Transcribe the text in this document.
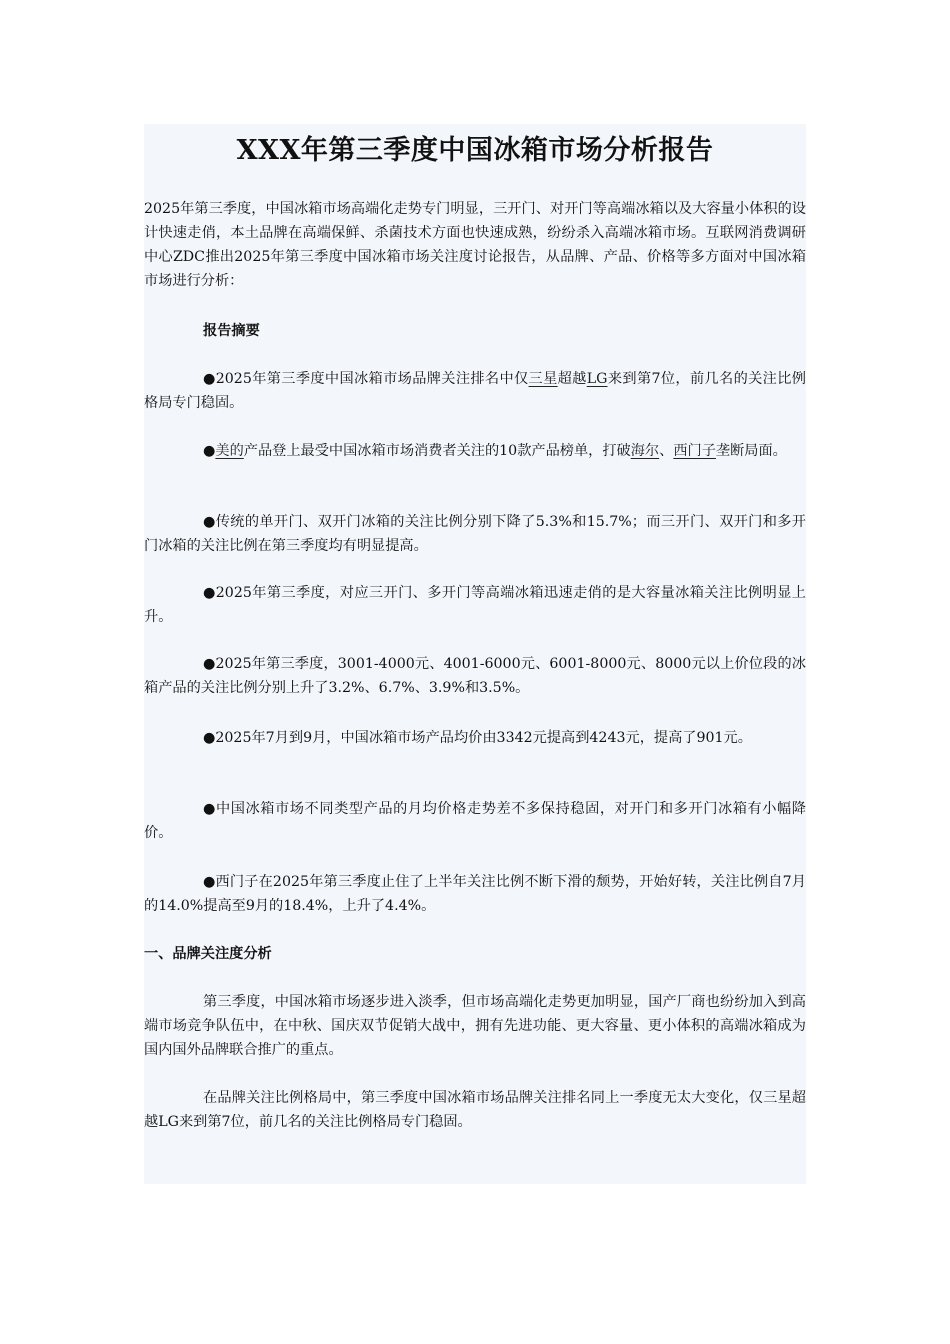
XXX年第三季度中国冰箱市场分析报告

2025年第三季度，中国冰箱市场高端化走势专门明显，三开门、对开门等高端冰箱以及大容量小体积的设计快速走俏，本土品牌在高端保鲜、杀菌技术方面也快速成熟，纷纷杀入高端冰箱市场。互联网消费调研中心ZDC推出2025年第三季度中国冰箱市场关注度讨论报告，从品牌、产品、价格等多方面对中国冰箱市场进行分析：

报告摘要

●2025年第三季度中国冰箱市场品牌关注排名中仅三星超越LG来到第7位，前几名的关注比例格局专门稳固。

●美的产品登上最受中国冰箱市场消费者关注的10款产品榜单，打破海尔、西门子垄断局面。

●传统的单开门、双开门冰箱的关注比例分别下降了5.3%和15.7%；而三开门、双开门和多开门冰箱的关注比例在第三季度均有明显提高。

●2025年第三季度，对应三开门、多开门等高端冰箱迅速走俏的是大容量冰箱关注比例明显上升。

●2025年第三季度，3001-4000元、4001-6000元、6001-8000元、8000元以上价位段的冰箱产品的关注比例分别上升了3.2%、6.7%、3.9%和3.5%。

●2025年7月到9月，中国冰箱市场产品均价由3342元提高到4243元，提高了901元。

●中国冰箱市场不同类型产品的月均价格走势差不多保持稳固，对开门和多开门冰箱有小幅降价。

●西门子在2025年第三季度止住了上半年关注比例不断下滑的颓势，开始好转，关注比例自7月的14.0%提高至9月的18.4%，上升了4.4%。

一、品牌关注度分析

第三季度，中国冰箱市场逐步进入淡季，但市场高端化走势更加明显，国产厂商也纷纷加入到高端市场竞争队伍中，在中秋、国庆双节促销大战中，拥有先进功能、更大容量、更小体积的高端冰箱成为国内国外品牌联合推广的重点。

在品牌关注比例格局中，第三季度中国冰箱市场品牌关注排名同上一季度无太大变化，仅三星超越LG来到第7位，前几名的关注比例格局专门稳固。
